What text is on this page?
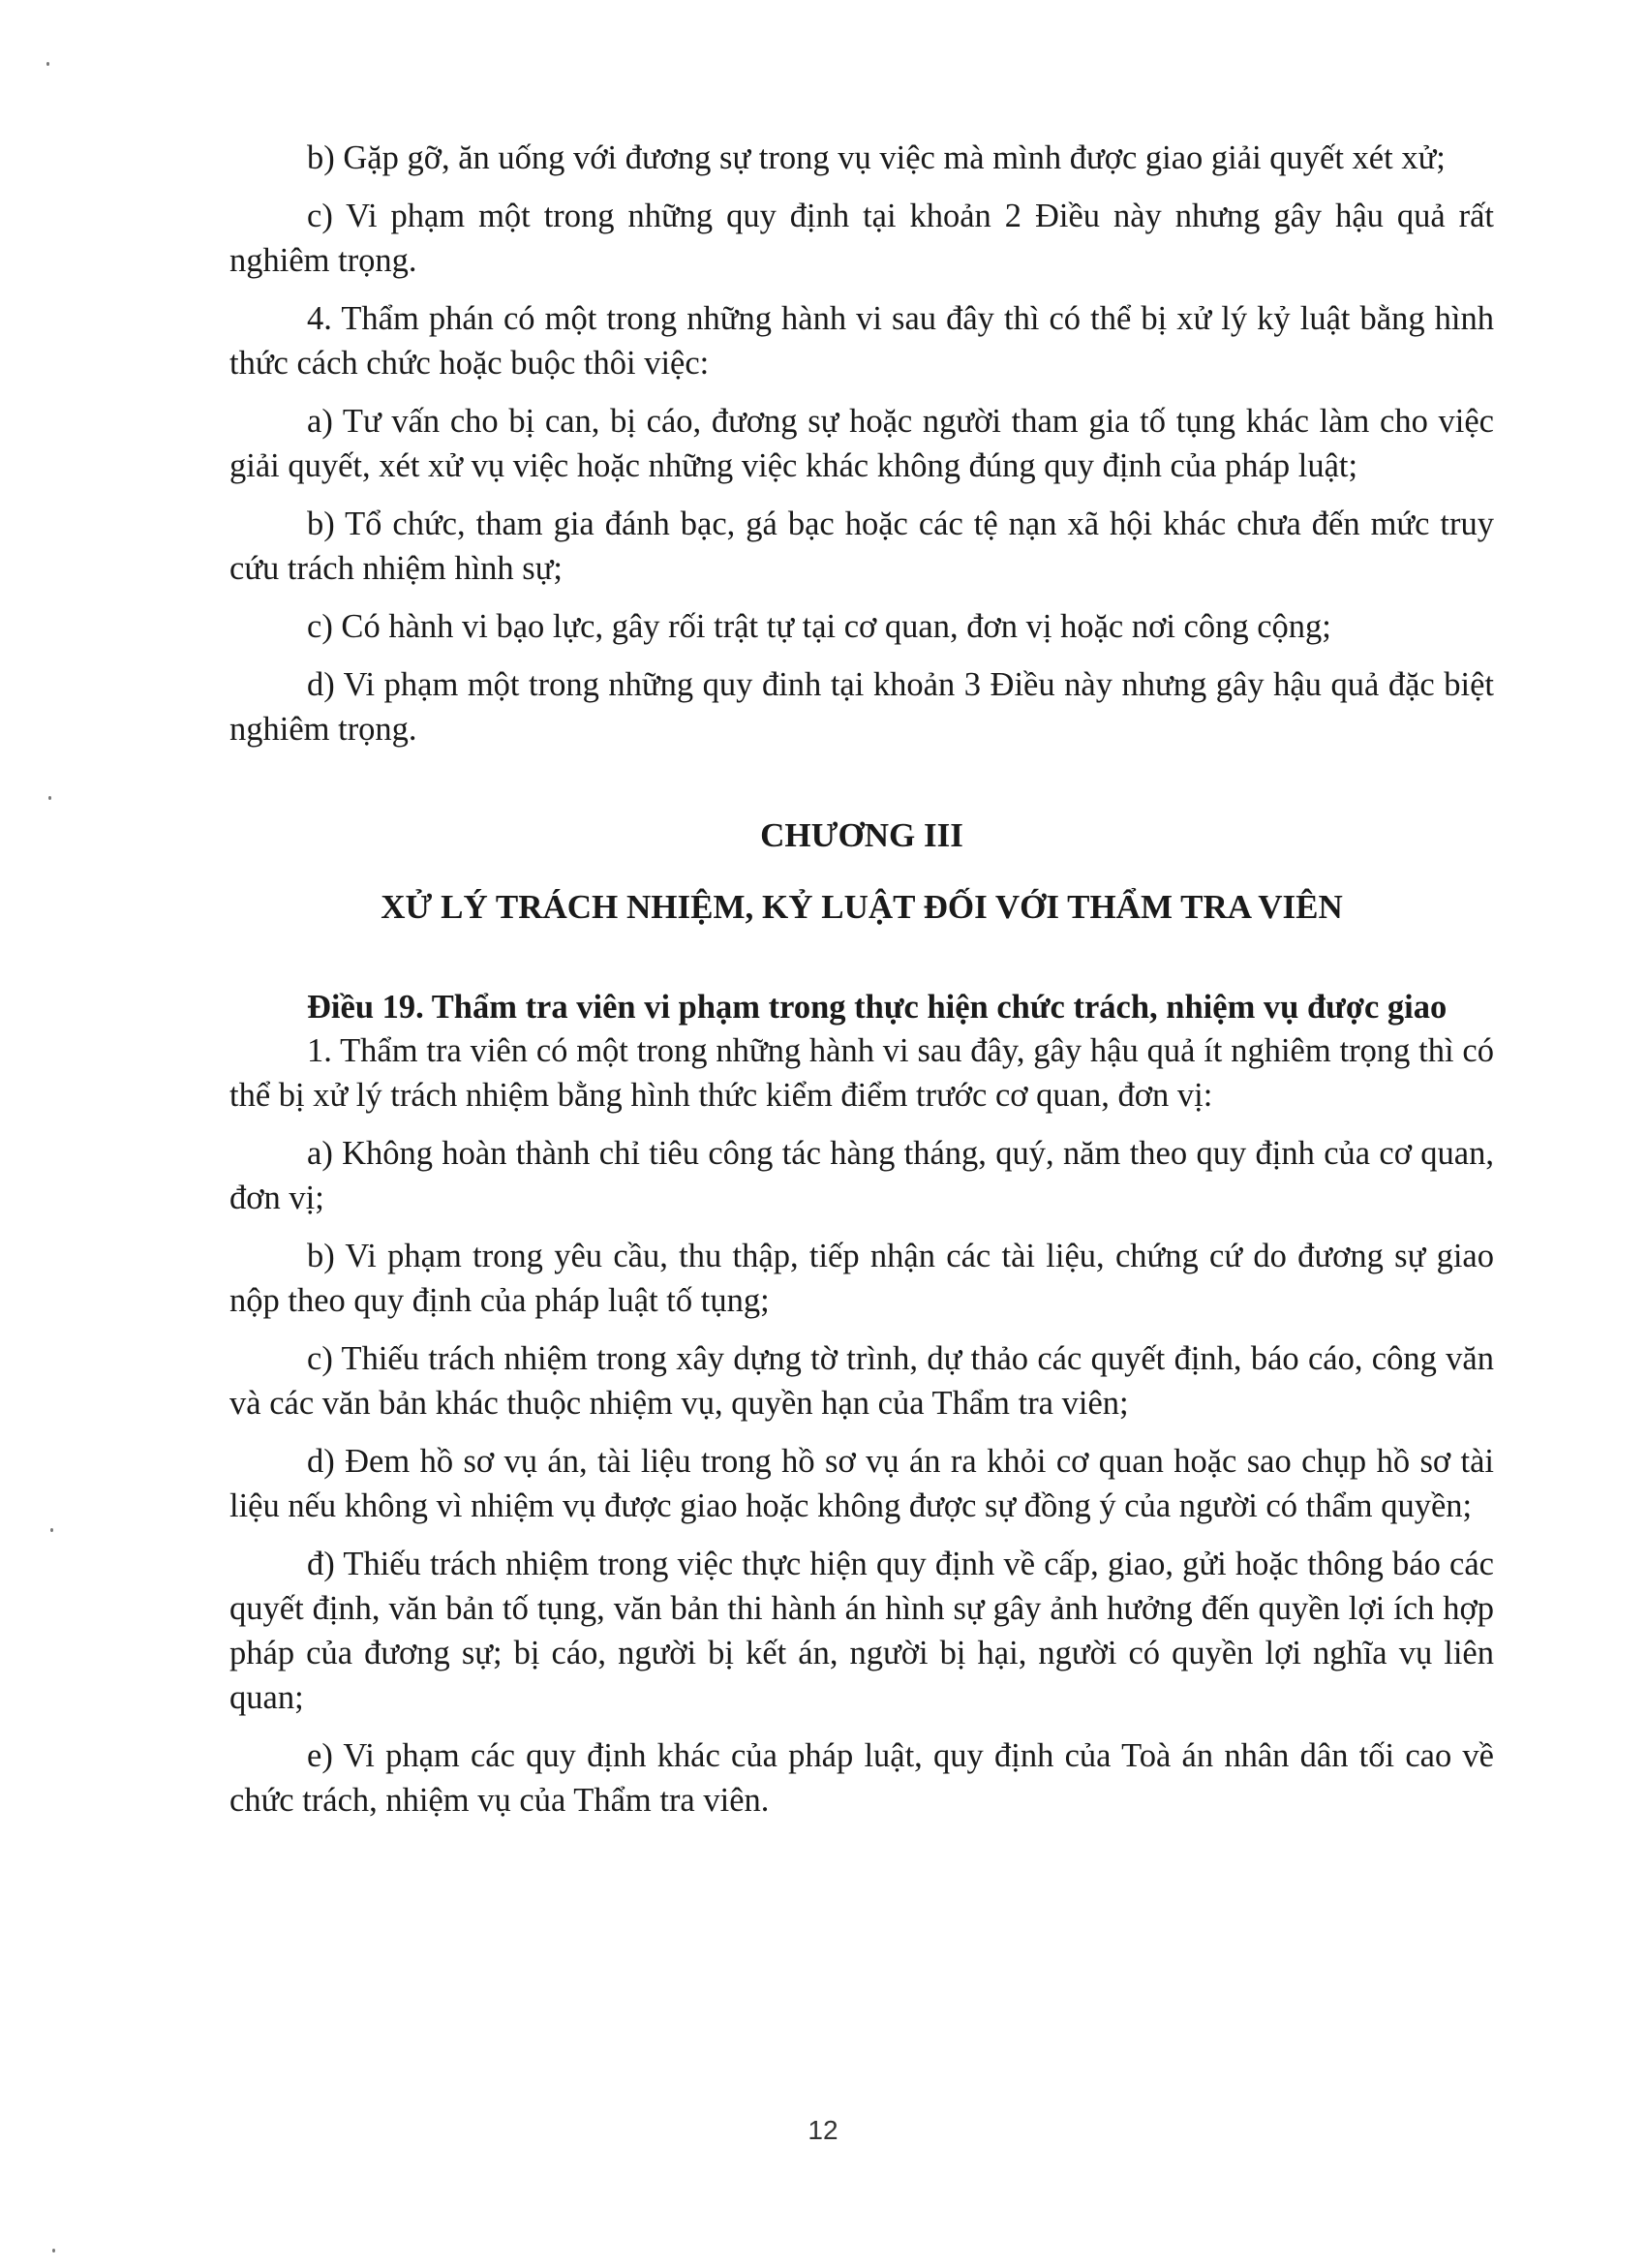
b) Gặp gỡ, ăn uống với đương sự trong vụ việc mà mình được giao giải quyết xét xử;

c) Vi phạm một trong những quy định tại khoản 2 Điều này nhưng gây hậu quả rất nghiêm trọng.

4. Thẩm phán có một trong những hành vi sau đây thì có thể bị xử lý kỷ luật bằng hình thức cách chức hoặc buộc thôi việc:

a) Tư vấn cho bị can, bị cáo, đương sự hoặc người tham gia tố tụng khác làm cho việc giải quyết, xét xử vụ việc hoặc những việc khác không đúng quy định của pháp luật;

b) Tổ chức, tham gia đánh bạc, gá bạc hoặc các tệ nạn xã hội khác chưa đến mức truy cứu trách nhiệm hình sự;

c) Có hành vi bạo lực, gây rối trật tự tại cơ quan, đơn vị hoặc nơi công cộng;

d) Vi phạm một trong những quy đinh tại khoản 3 Điều này nhưng gây hậu quả đặc biệt nghiêm trọng.

CHƯƠNG III

XỬ LÝ TRÁCH NHIỆM, KỶ LUẬT ĐỐI VỚI THẨM TRA VIÊN

Điều 19. Thẩm tra viên vi phạm trong thực hiện chức trách, nhiệm vụ được giao

1. Thẩm tra viên có một trong những hành vi sau đây, gây hậu quả ít nghiêm trọng thì có thể bị xử lý trách nhiệm bằng hình thức kiểm điểm trước cơ quan, đơn vị:

a) Không hoàn thành chỉ tiêu công tác hàng tháng, quý, năm theo quy định của cơ quan, đơn vị;

b) Vi phạm trong yêu cầu, thu thập, tiếp nhận các tài liệu, chứng cứ do đương sự giao nộp theo quy định của pháp luật tố tụng;

c) Thiếu trách nhiệm trong xây dựng tờ trình, dự thảo các quyết định, báo cáo, công văn và các văn bản khác thuộc nhiệm vụ, quyền hạn của Thẩm tra viên;

d) Đem hồ sơ vụ án, tài liệu trong hồ sơ vụ án ra khỏi cơ quan hoặc sao chụp hồ sơ tài liệu nếu không vì nhiệm vụ được giao hoặc không được sự đồng ý của người có thẩm quyền;

đ) Thiếu trách nhiệm trong việc thực hiện quy định về cấp, giao, gửi hoặc thông báo các quyết định, văn bản tố tụng, văn bản thi hành án hình sự gây ảnh hưởng đến quyền lợi ích hợp pháp của đương sự; bị cáo, người bị kết án, người bị hại, người có quyền lợi nghĩa vụ liên quan;

e) Vi phạm các quy định khác của pháp luật, quy định của Toà án nhân dân tối cao về chức trách, nhiệm vụ của Thẩm tra viên.

12
